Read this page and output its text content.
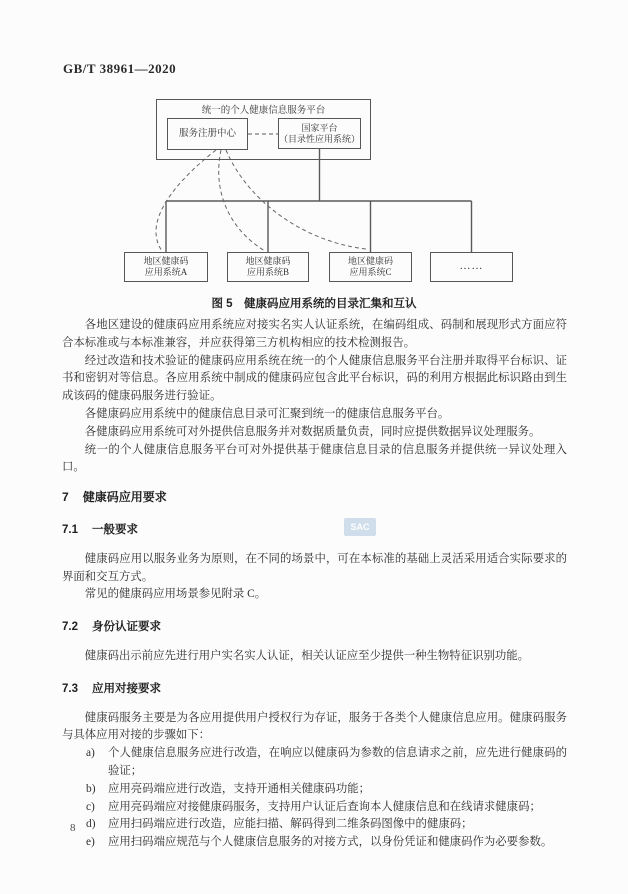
GB/T 38961—2020
统一的个人健康信息服务平台
服务注册中心
国家平台
（目录性应用系统）
地区健康码
应用系统A
地区健康码
应用系统B
地区健康码
应用系统C	……
图 5　健康码应用系统的目录汇集和互认
SAC

各地区建设的健康码应用系统应对接实名实人认证系统，在编码组成、码制和展现形式方面应符合本标准或与本标准兼容，并应获得第三方机构相应的技术检测报告。

经过改造和技术验证的健康码应用系统在统一的个人健康信息服务平台注册并取得平台标识、证书和密钥对等信息。各应用系统中制成的健康码应包含此平台标识，码的利用方根据此标识路由到生成该码的健康码服务进行验证。

各健康码应用系统中的健康信息目录可汇聚到统一的健康信息服务平台。

各健康码应用系统可对外提供信息服务并对数据质量负责，同时应提供数据异议处理服务。

统一的个人健康信息服务平台可对外提供基于健康信息目录的信息服务并提供统一异议处理入口。

7 健康码应用要求
7.1 一般要求

健康码应用以服务业务为原则，在不同的场景中，可在本标准的基础上灵活采用适合实际要求的界面和交互方式。

常见的健康码应用场景参见附录 C。

7.2 身份认证要求

健康码出示前应先进行用户实名实人认证，相关认证应至少提供一种生物特征识别功能。

7.3 应用对接要求

健康码服务主要是为各应用提供用户授权行为存证，服务于各类个人健康信息应用。健康码服务与具体应用对接的步骤如下：

a) 个人健康信息服务应进行改造，在响应以健康码为参数的信息请求之前，应先进行健康码的验证；
b) 应用亮码端应进行改造，支持开通相关健康码功能；
c) 应用亮码端应对接健康码服务，支持用户认证后查询本人健康信息和在线请求健康码；
d) 应用扫码端应进行改造，应能扫描、解码得到二维条码图像中的健康码；
e) 应用扫码端应规范与个人健康信息服务的对接方式，以身份凭证和健康码作为必要参数。
8
